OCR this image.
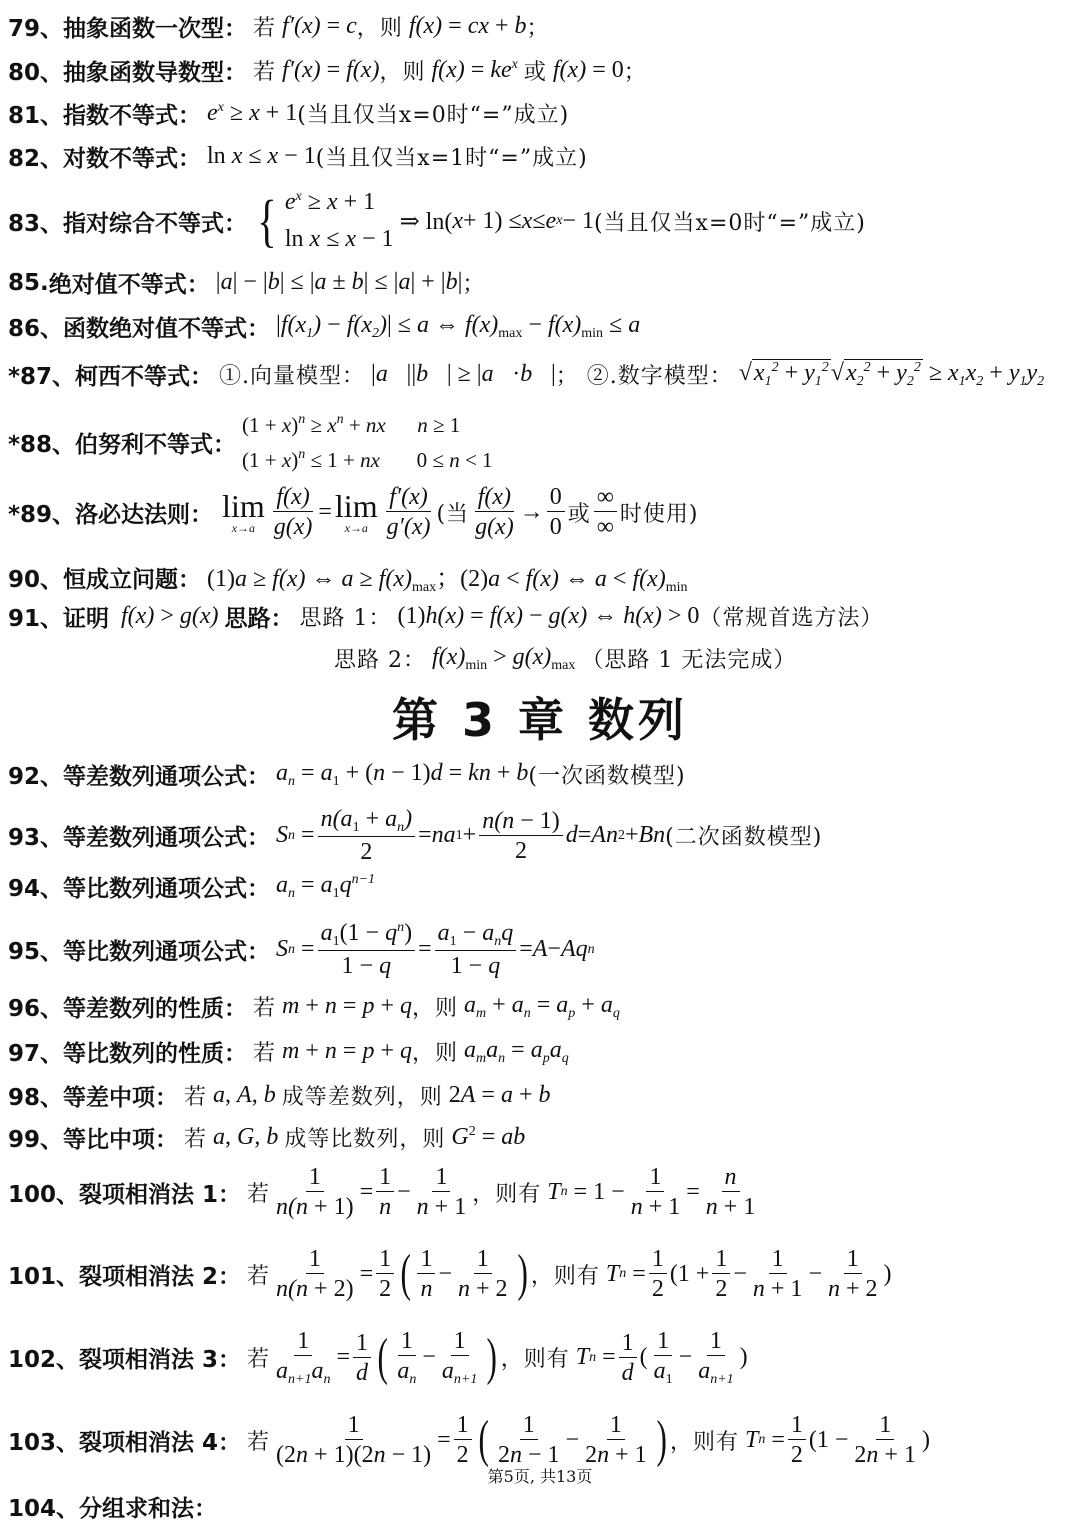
79、 抽象函数一次型： 若 f′(x) = c ， 则 f(x) = cx + b ；
80、 抽象函数导数型： 若 f′(x) = f(x) ， 则 $f(x) = ke^x$ 或 f(x) = 0 ；
81、 指数不等式： $e^x \ge x + 1$ (当且仅当x=0时“=”成立)
82、 对数不等式： ln x ≤ x − 1 (当且仅当x=1时“=”成立)
83、 指对综合不等式： { $e^x \ge x + 1$
ln x ≤ x − 1
⇒ ln( x + 1) ≤ x ≤ e x − 1 (当且仅当x=0时“=”成立)
85. 绝对值不等式： |a| − |b| ≤ |a ± b| ≤ |a| + |b| ；
86、 函数绝对值不等式： $|f(x_1) - f(x_2)| \le a$ ⇔ $f(x)_{max} - f(x)_{min} \le a$
*87、 柯西不等式： ①.向量模型： |a⃗||b⃗| ≥ |a⃗·b⃗| ； ②.数字模型： $√x_1^2 + y_1^2√x_2^2 + y_2^2 \ge x_1x_2 + y_1y_2$
*88、 伯努利不等式：
$(1 + x)^n \ge x^n$ + nx      n ≥ 1
$(1 + x)^n \le 1$ + nx       0 ≤ n < 1
*89、 洛必达法则： lim
$x\to a \frac{f(x)}{g(x)} = \lim$
$x\to a \frac{f'(x)}{g'(x)}$ (当 $\frac{f(x)}{g(x)} \to \frac{0}{0}$ 或 $\frac{\infty}{\infty}$ 时使用)
90、 恒成立问题： (1)a ≥ f(x) ⇔ $a \ge f(x)_{max}$；(2)a < f(x) ⇔ $a < f(x)_{min}$
91、 证明 f(x) > g(x) 思路： 思路 1： (1)h(x) = f(x) − g(x) ⇔ h(x) > 0 （常规首选方法）
思路 2： $f(x)_{min} > g(x)_{max}$ （思路 1 无法完成）
第 3 章 数列
92、 等差数列通项公式： $a_n = a_1 + (n - 1)d$ = kn + b (一次函数模型)
93、 等差数列通项公式： S $n = \frac{n(a_1 + a_n)}{2}$ = na $1 + \frac{n(n - 1)}{2}$ d = An 2 + Bn (二次函数模型)
94、 等比数列通项公式： $a_n = a_1q^{n-1}$
95、 等比数列通项公式： S $n = \frac{a_1(1 - q^n)}{1 - q} = \frac{a_1 - a_nq}{1 - q} = A - Aq$ n
96、 等差数列的性质： 若 m + n = p + q ， 则 $a_m + a_n = a_p + a_q$
97、 等比数列的性质： 若 m + n = p + q ， 则 $a_ma_n = a_pa_q$
98、 等差中项： 若 a, A, b 成等差数列， 则 2A = a + b
99、 等比中项： 若 a, G, b 成等比数列， 则 $G^2$ = ab
100、 裂项相消法 1： 若 $\frac{1}{n(n + 1)} = \frac{1}{n} - \frac{1}{n + 1}$ ， 则有 T $n = 1 - \frac{1}{n + 1} = \frac{n}{n + 1}$
101、 裂项相消法 2： 若 $\frac{1}{n(n + 2)} = \frac{1}{2}$ ( $\frac{1}{n} - \frac{1}{n + 2}$ ) ， 则有 T $n = \frac{1}{2} (1 + \frac{1}{2} - \frac{1}{n + 1} - \frac{1}{n + 2}$ )
102、 裂项相消法 3： 若 $\frac{1}{a_{n+1}a_n} = \frac{1}{d}$ ( $\frac{1}{a_n} - \frac{1}{a_{n+1}}$ ) ， 则有 T $n = \frac{1}{d}$ ( $\frac{1}{a_1} - \frac{1}{a_{n+1}}$ )
103、 裂项相消法 4： 若 $\frac{1}{(2n + 1)(2n - 1)} = \frac{1}{2}$ ( $\frac{1}{2n - 1} - \frac{1}{2n + 1}$ ) ， 则有 T $n = \frac{1}{2} (1 - \frac{1}{2n + 1}$ )
第5页, 共13页
104、 分组求和法：
